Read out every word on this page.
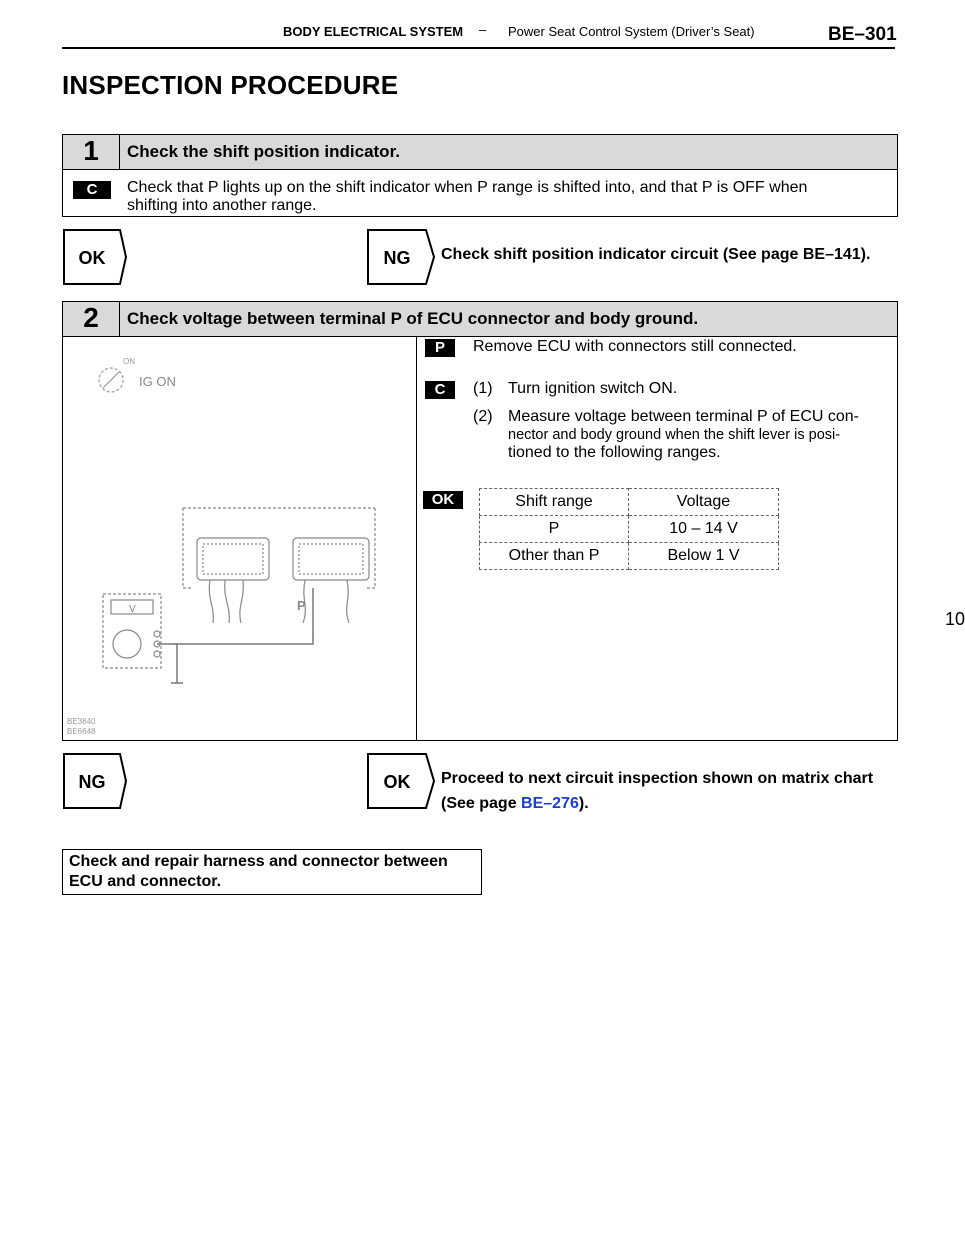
BODY ELECTRICAL SYSTEM – Power Seat Control System (Driver’s Seat)	BE–301
INSPECTION PROCEDURE
1	Check the shift position indicator.
C	Check that P lights up on the shift indicator when P range is shifted into, and that P is OFF when
shifting into another range.
OK	NG Check shift position indicator circuit (See page BE–141).
2	Check voltage between terminal P of ECU connector and body ground.
ON
IG ON
P
V
BE3840
BE6648
P	Remove ECU with connectors still connected.
C	(1) Turn ignition switch ON.
(2) Measure voltage between terminal P of ECU con-
nector and body ground when the shift lever is posi-
tioned to the following ranges.
OK	Shift range	Voltage
P	10 – 14 V
Other than P	Below 1 V
NG	OK Proceed to next circuit inspection shown on matrix chart
(See page BE–276).
Check and repair harness and connector between
ECU and connector.
10
